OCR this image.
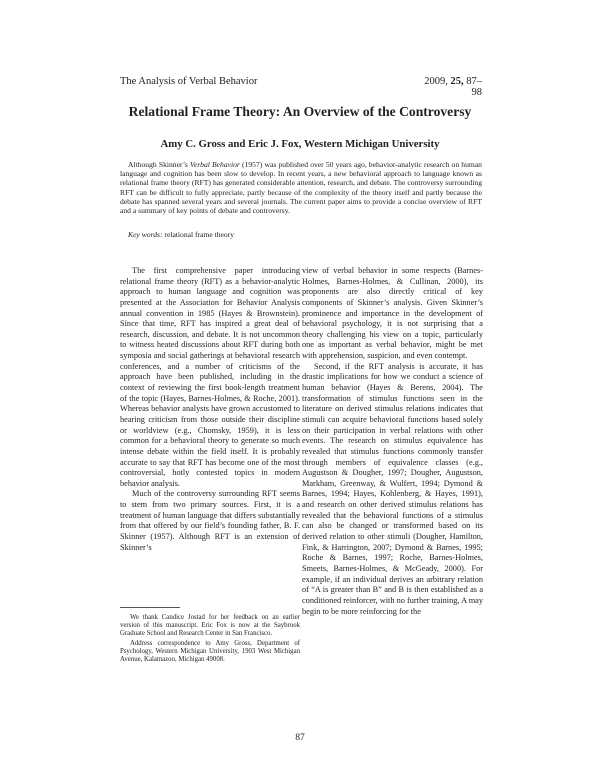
The Analysis of Verbal Behavior	2009, 25, 87–98
Relational Frame Theory: An Overview of the Controversy
Amy C. Gross and Eric J. Fox, Western Michigan University
Although Skinner’s Verbal Behavior (1957) was published over 50 years ago, behavior-analytic research on human language and cognition has been slow to develop. In recent years, a new behavioral approach to language known as relational frame theory (RFT) has generated considerable attention, research, and debate. The controversy surrounding RFT can be difficult to fully appreciate, partly because of the complexity of the theory itself and partly because the debate has spanned several years and several journals. The current paper aims to provide a concise overview of RFT and a summary of key points of debate and controversy.
Key words: relational frame theory

The first comprehensive paper introducing relational frame theory (RFT) as a behavior-analytic approach to human language and cognition was presented at the Association for Behavior Analysis annual convention in 1985 (Hayes & Brownstein). Since that time, RFT has inspired a great deal of research, discussion, and debate. It is not uncommon to witness heated discussions about RFT during both symposia and social gatherings at behavioral research conferences, and a number of criticisms of the approach have been published, including in the context of reviewing the first book-length treatment of the topic (Hayes, Barnes-Holmes, & Roche, 2001). Whereas behavior analysts have grown accustomed to hearing criticism from those outside their discipline or worldview (e.g., Chomsky, 1959), it is less common for a behavioral theory to generate so much intense debate within the field itself. It is probably accurate to say that RFT has become one of the most controversial, hotly contested topics in modern behavior analysis.

Much of the controversy surrounding RFT seems to stem from two primary sources. First, it is a treatment of human language that differs substantially from that offered by our field’s founding father, B. F. Skinner (1957). Although RFT is an extension of Skinner’s

We thank Candice Jostad for her feedback on an earlier version of this manuscript. Eric Fox is now at the Saybrook Graduate School and Research Center in San Francisco.

Address correspondence to Amy Gross, Department of Psychology, Western Michigan University, 1903 West Michigan Avenue, Kalamazoo, Michigan 49008.

view of verbal behavior in some respects (Barnes-Holmes, Barnes-Holmes, & Cullinan, 2000), its proponents are also directly critical of key components of Skinner’s analysis. Given Skinner’s prominence and importance in the development of behavioral psychology, it is not surprising that a theory challenging his view on a topic, particularly one as important as verbal behavior, might be met with apprehension, suspicion, and even contempt.

Second, if the RFT analysis is accurate, it has drastic implications for how we conduct a science of human behavior (Hayes & Berens, 2004). The transformation of stimulus functions seen in the literature on derived stimulus relations indicates that stimuli can acquire behavioral functions based solely on their participation in verbal relations with other events. The research on stimulus equivalence has revealed that stimulus functions commonly transfer through members of equivalence classes (e.g., Augustson & Dougher, 1997; Dougher, Augustson, Markham, Greenway, & Wulfert, 1994; Dymond & Barnes, 1994; Hayes, Kohlenberg, & Hayes, 1991), and research on other derived stimulus relations has revealed that the behavioral functions of a stimulus can also be changed or transformed based on its derived relation to other stimuli (Dougher, Hamilton, Fink, & Harrington, 2007; Dymond & Barnes, 1995; Roche & Barnes, 1997; Roche, Barnes-Holmes, Smeets, Barnes-Holmes, & McGeady, 2000). For example, if an individual derives an arbitrary relation of “A is greater than B” and B is then established as a conditioned reinforcer, with no further training, A may begin to be more reinforcing for the

87
